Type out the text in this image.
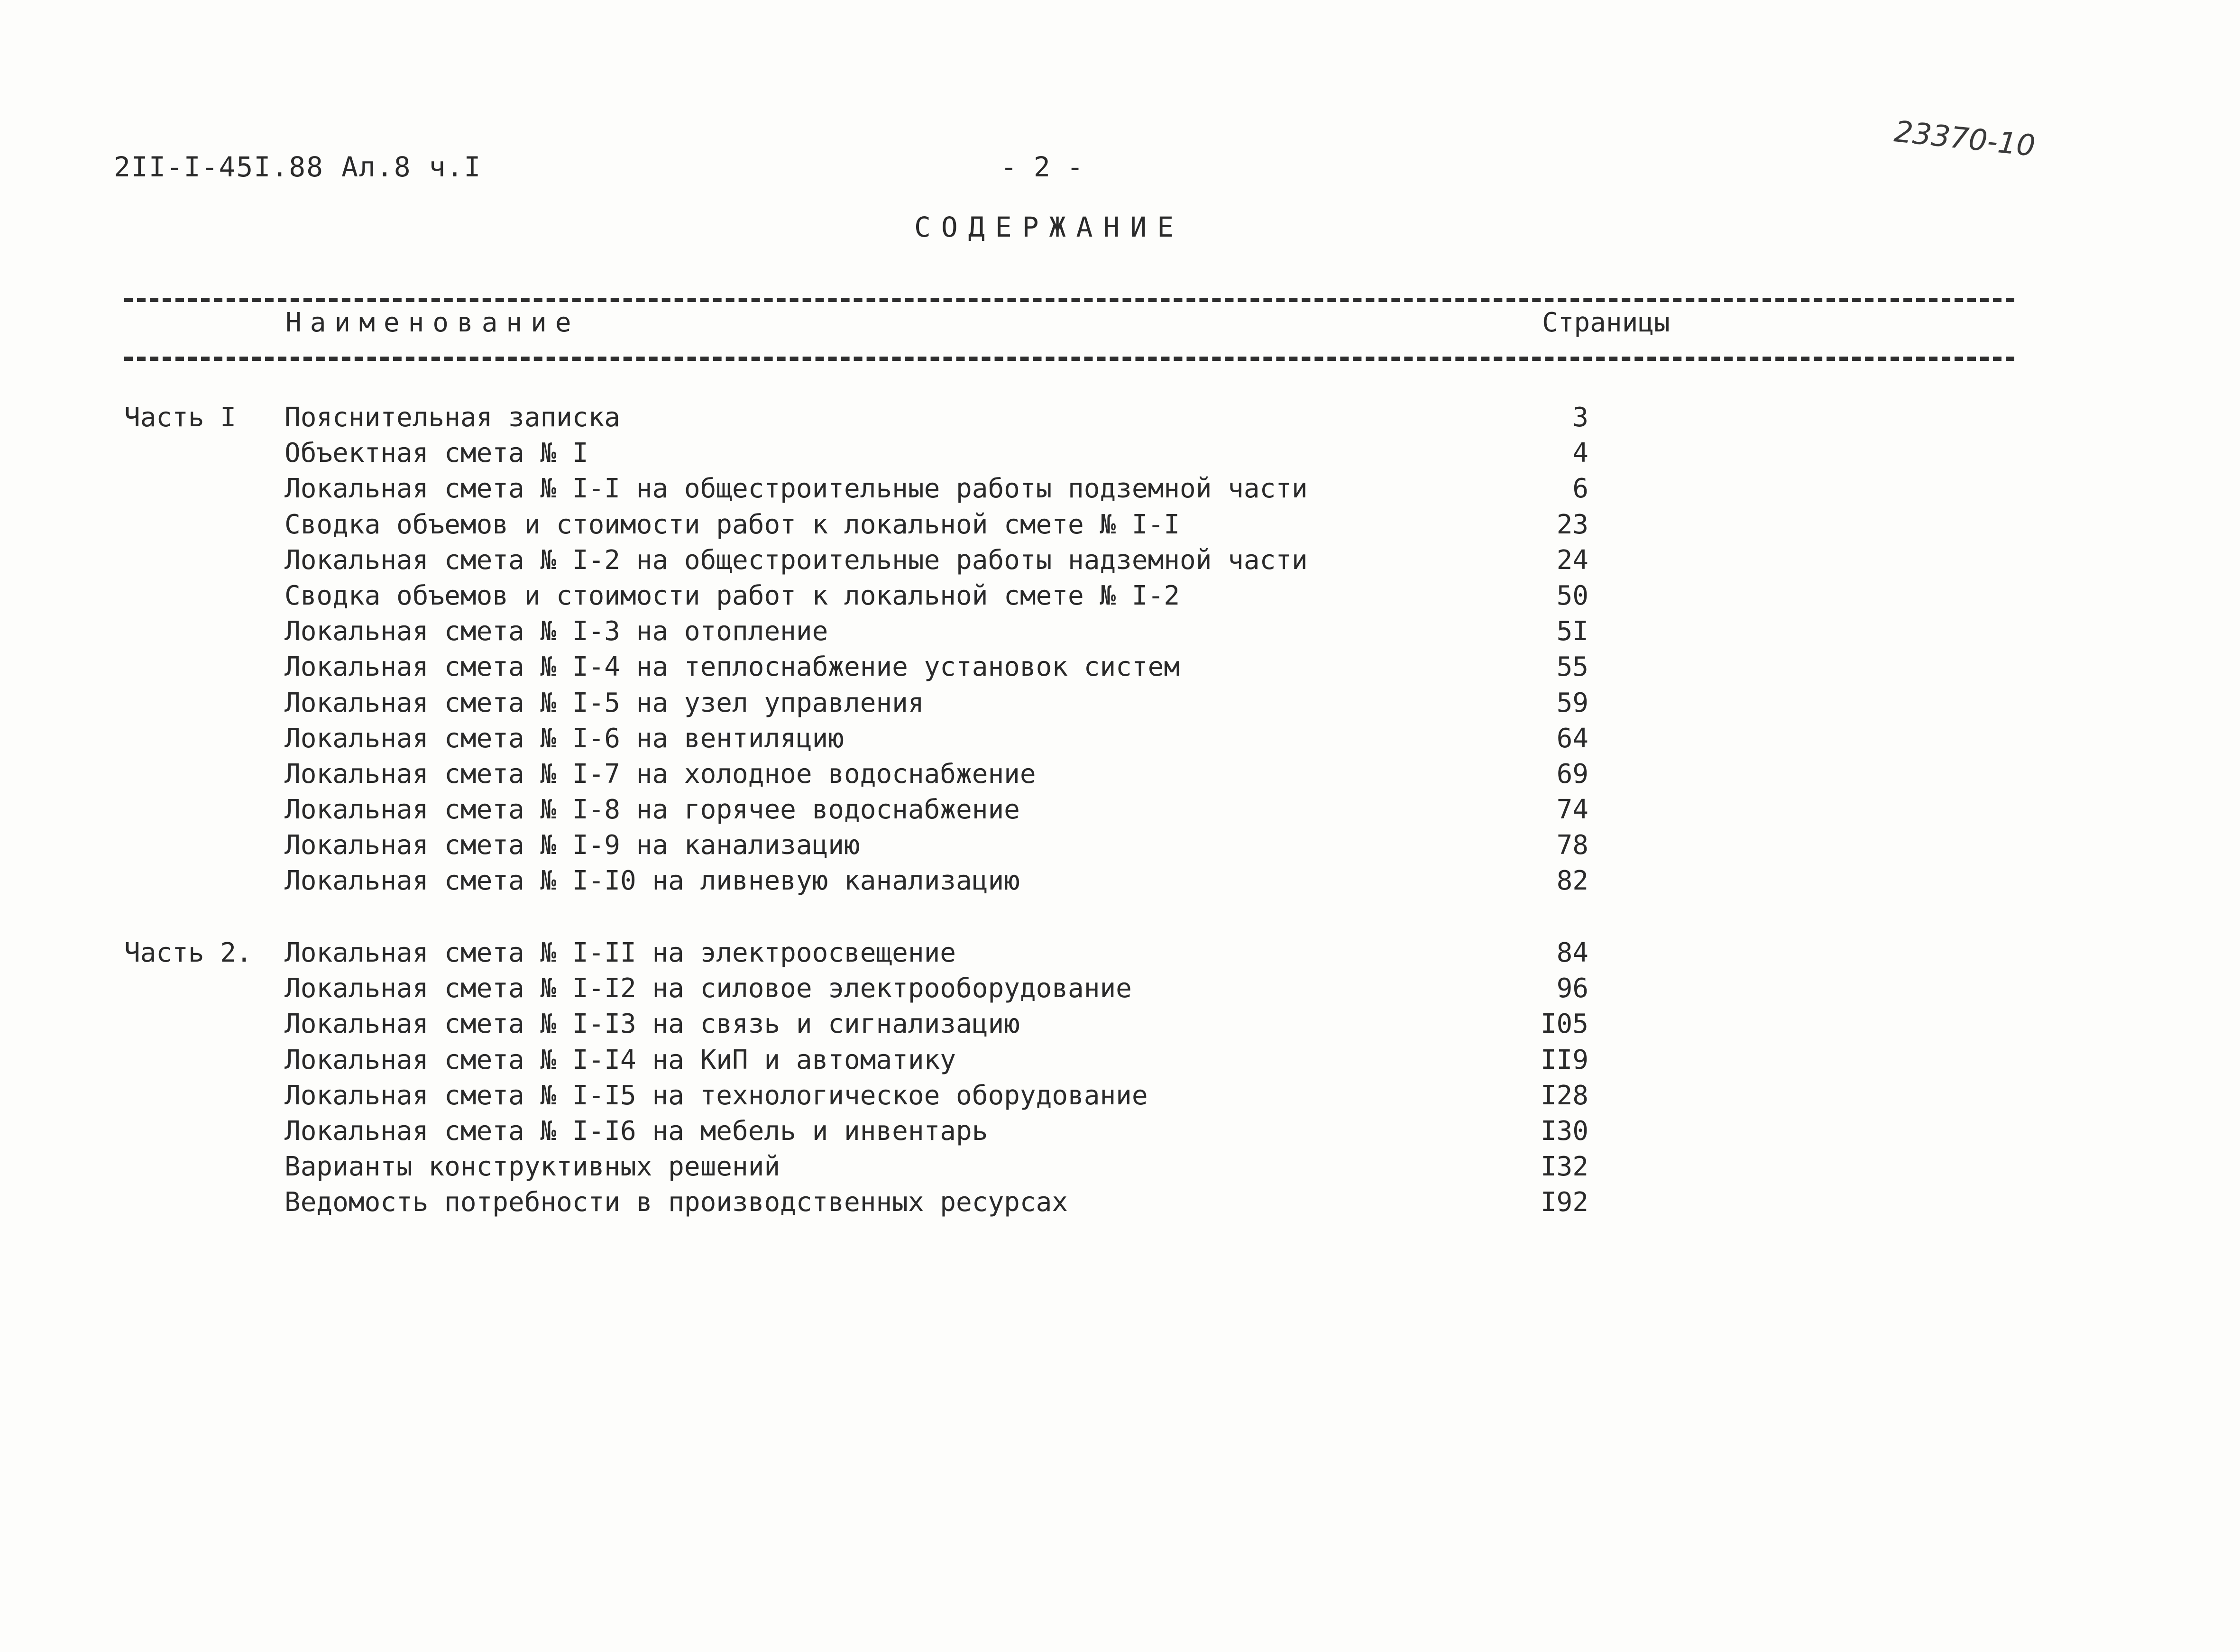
2II-I-45I.88 Ал.8 ч.I	- 2 -
23370-10
СОДЕРЖАНИЕ
Наименование	Страницы
Часть I Пояснительная записка	3
Объектная смета № I	4
Локальная смета № I-I на общестроительные работы подземной части	6
Сводка объемов и стоимости работ к локальной смете № I-I	23
Локальная смета № I-2 на общестроительные работы надземной части	24
Сводка объемов и стоимости работ к локальной смете № I-2	50
Локальная смета № I-3 на отопление	5I
Локальная смета № I-4 на теплоснабжение установок систем	55
Локальная смета № I-5 на узел управления	59
Локальная смета № I-6 на вентиляцию	64
Локальная смета № I-7 на холодное водоснабжение	69
Локальная смета № I-8 на горячее водоснабжение	74
Локальная смета № I-9 на канализацию	78
Локальная смета № I-I0 на ливневую канализацию	82
Часть 2. Локальная смета № I-II на электроосвещение	84
Локальная смета № I-I2 на силовое электрооборудование	96
Локальная смета № I-I3 на связь и сигнализацию	I05
Локальная смета № I-I4 на КиП и автоматику	II9
Локальная смета № I-I5 на технологическое оборудование	I28
Локальная смета № I-I6 на мебель и инвентарь	I30
Варианты конструктивных решений	I32
Ведомость потребности в производственных ресурсах	I92
